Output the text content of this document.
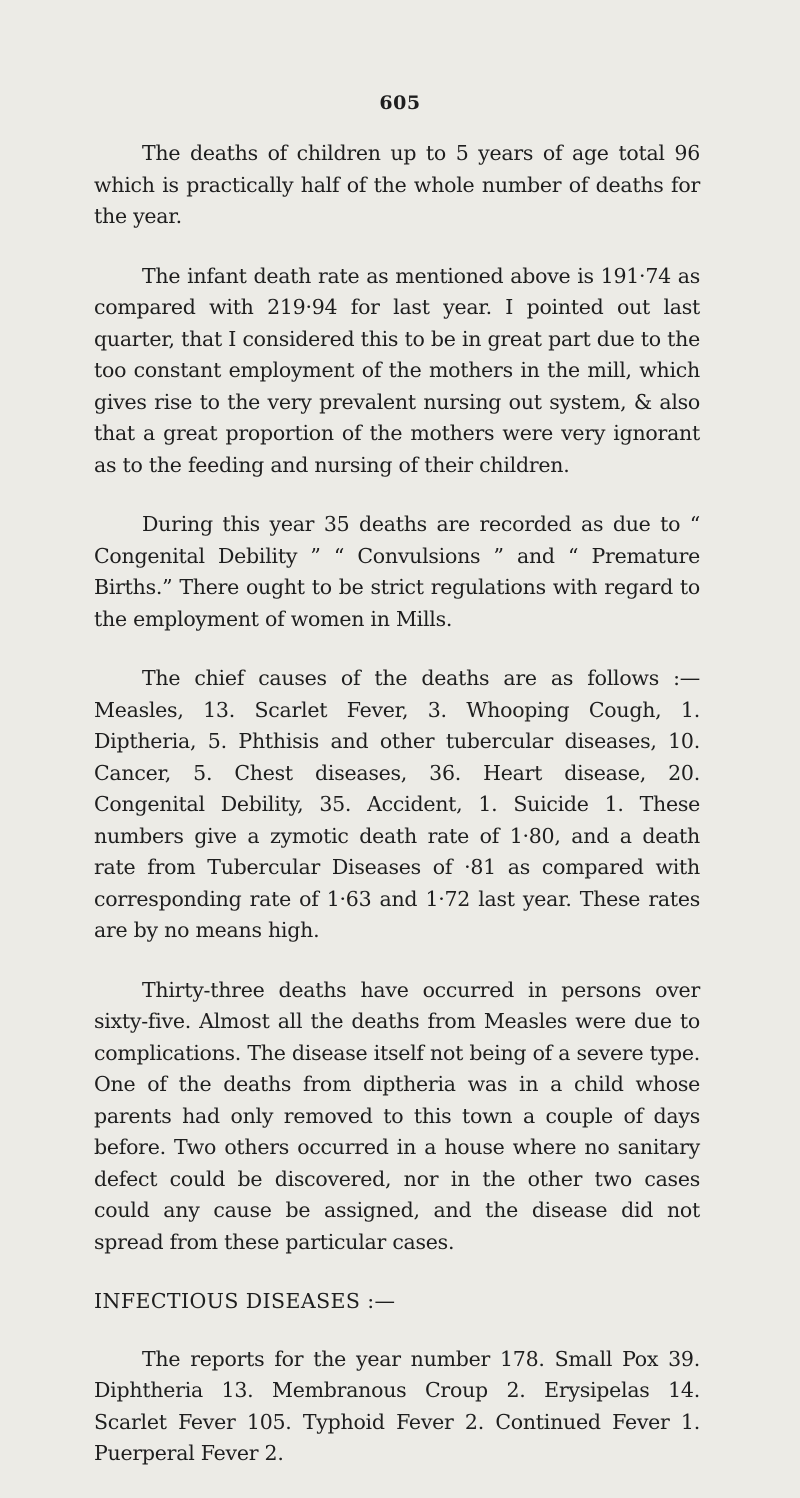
605

The deaths of children up to 5 years of age total 96 which is practically half of the whole number of deaths for the year.

The infant death rate as mentioned above is 191·74 as compared with 219·94 for last year. I pointed out last quarter, that I considered this to be in great part due to the too constant employment of the mothers in the mill, which gives rise to the very prevalent nursing out system, & also that a great proportion of the mothers were very ignorant as to the feeding and nursing of their children.

During this year 35 deaths are recorded as due to “ Congenital Debility ” “ Convulsions ” and “ Premature Births.” There ought to be strict regulations with regard to the employment of women in Mills.

The chief causes of the deaths are as follows :—Measles, 13. Scarlet Fever, 3. Whooping Cough, 1. Diptheria, 5. Phthisis and other tubercular diseases, 10. Cancer, 5. Chest diseases, 36. Heart disease, 20. Congenital Debility, 35. Accident, 1. Suicide 1. These numbers give a zymotic death rate of 1·80, and a death rate from Tubercular Diseases of ·81 as compared with corresponding rate of 1·63 and 1·72 last year. These rates are by no means high.

Thirty-three deaths have occurred in persons over sixty-five. Almost all the deaths from Measles were due to complications. The disease itself not being of a severe type. One of the deaths from diptheria was in a child whose parents had only removed to this town a couple of days before. Two others occurred in a house where no sanitary defect could be discovered, nor in the other two cases could any cause be assigned, and the disease did not spread from these particular cases.

INFECTIOUS DISEASES :—

The reports for the year number 178. Small Pox 39. Diphtheria 13. Membranous Croup 2. Erysipelas 14. Scarlet Fever 105. Typhoid Fever 2. Continued Fever 1. Puerperal Fever 2.
